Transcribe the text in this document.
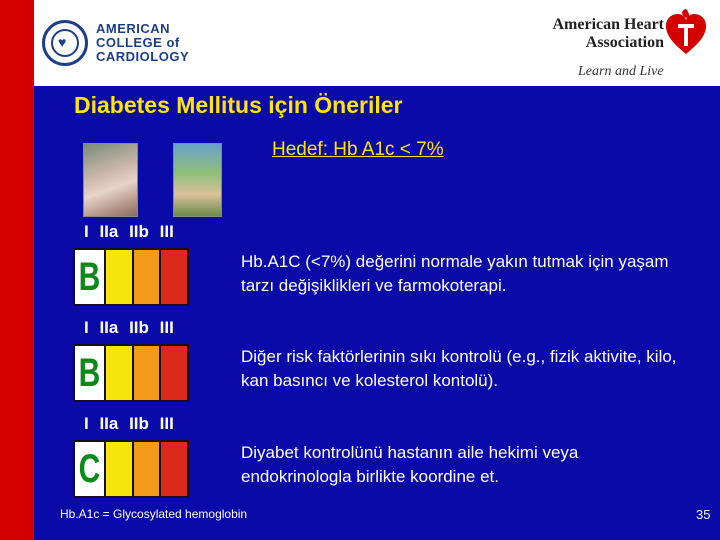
♥
AMERICAN
COLLEGE of
CARDIOLOGY
American Heart
Association
Learn and Live
Diabetes Mellitus için Öneriler
Hedef: Hb A1c < 7%
I IIa IIb III
B	Hb.A1C (<7%) değerini normale yakın tutmak için yaşam tarzı değişiklikleri ve farmokoterapi.
I IIa IIb III
B	Diğer risk faktörlerinin sıkı kontrolü (e.g., fizik aktivite, kilo, kan basıncı ve kolesterol kontolü).
I IIa IIb III
C	Diyabet kontrolünü hastanın aile hekimi veya endokrinologla birlikte koordine et.
Hb.A1c = Glycosylated hemoglobin	35
